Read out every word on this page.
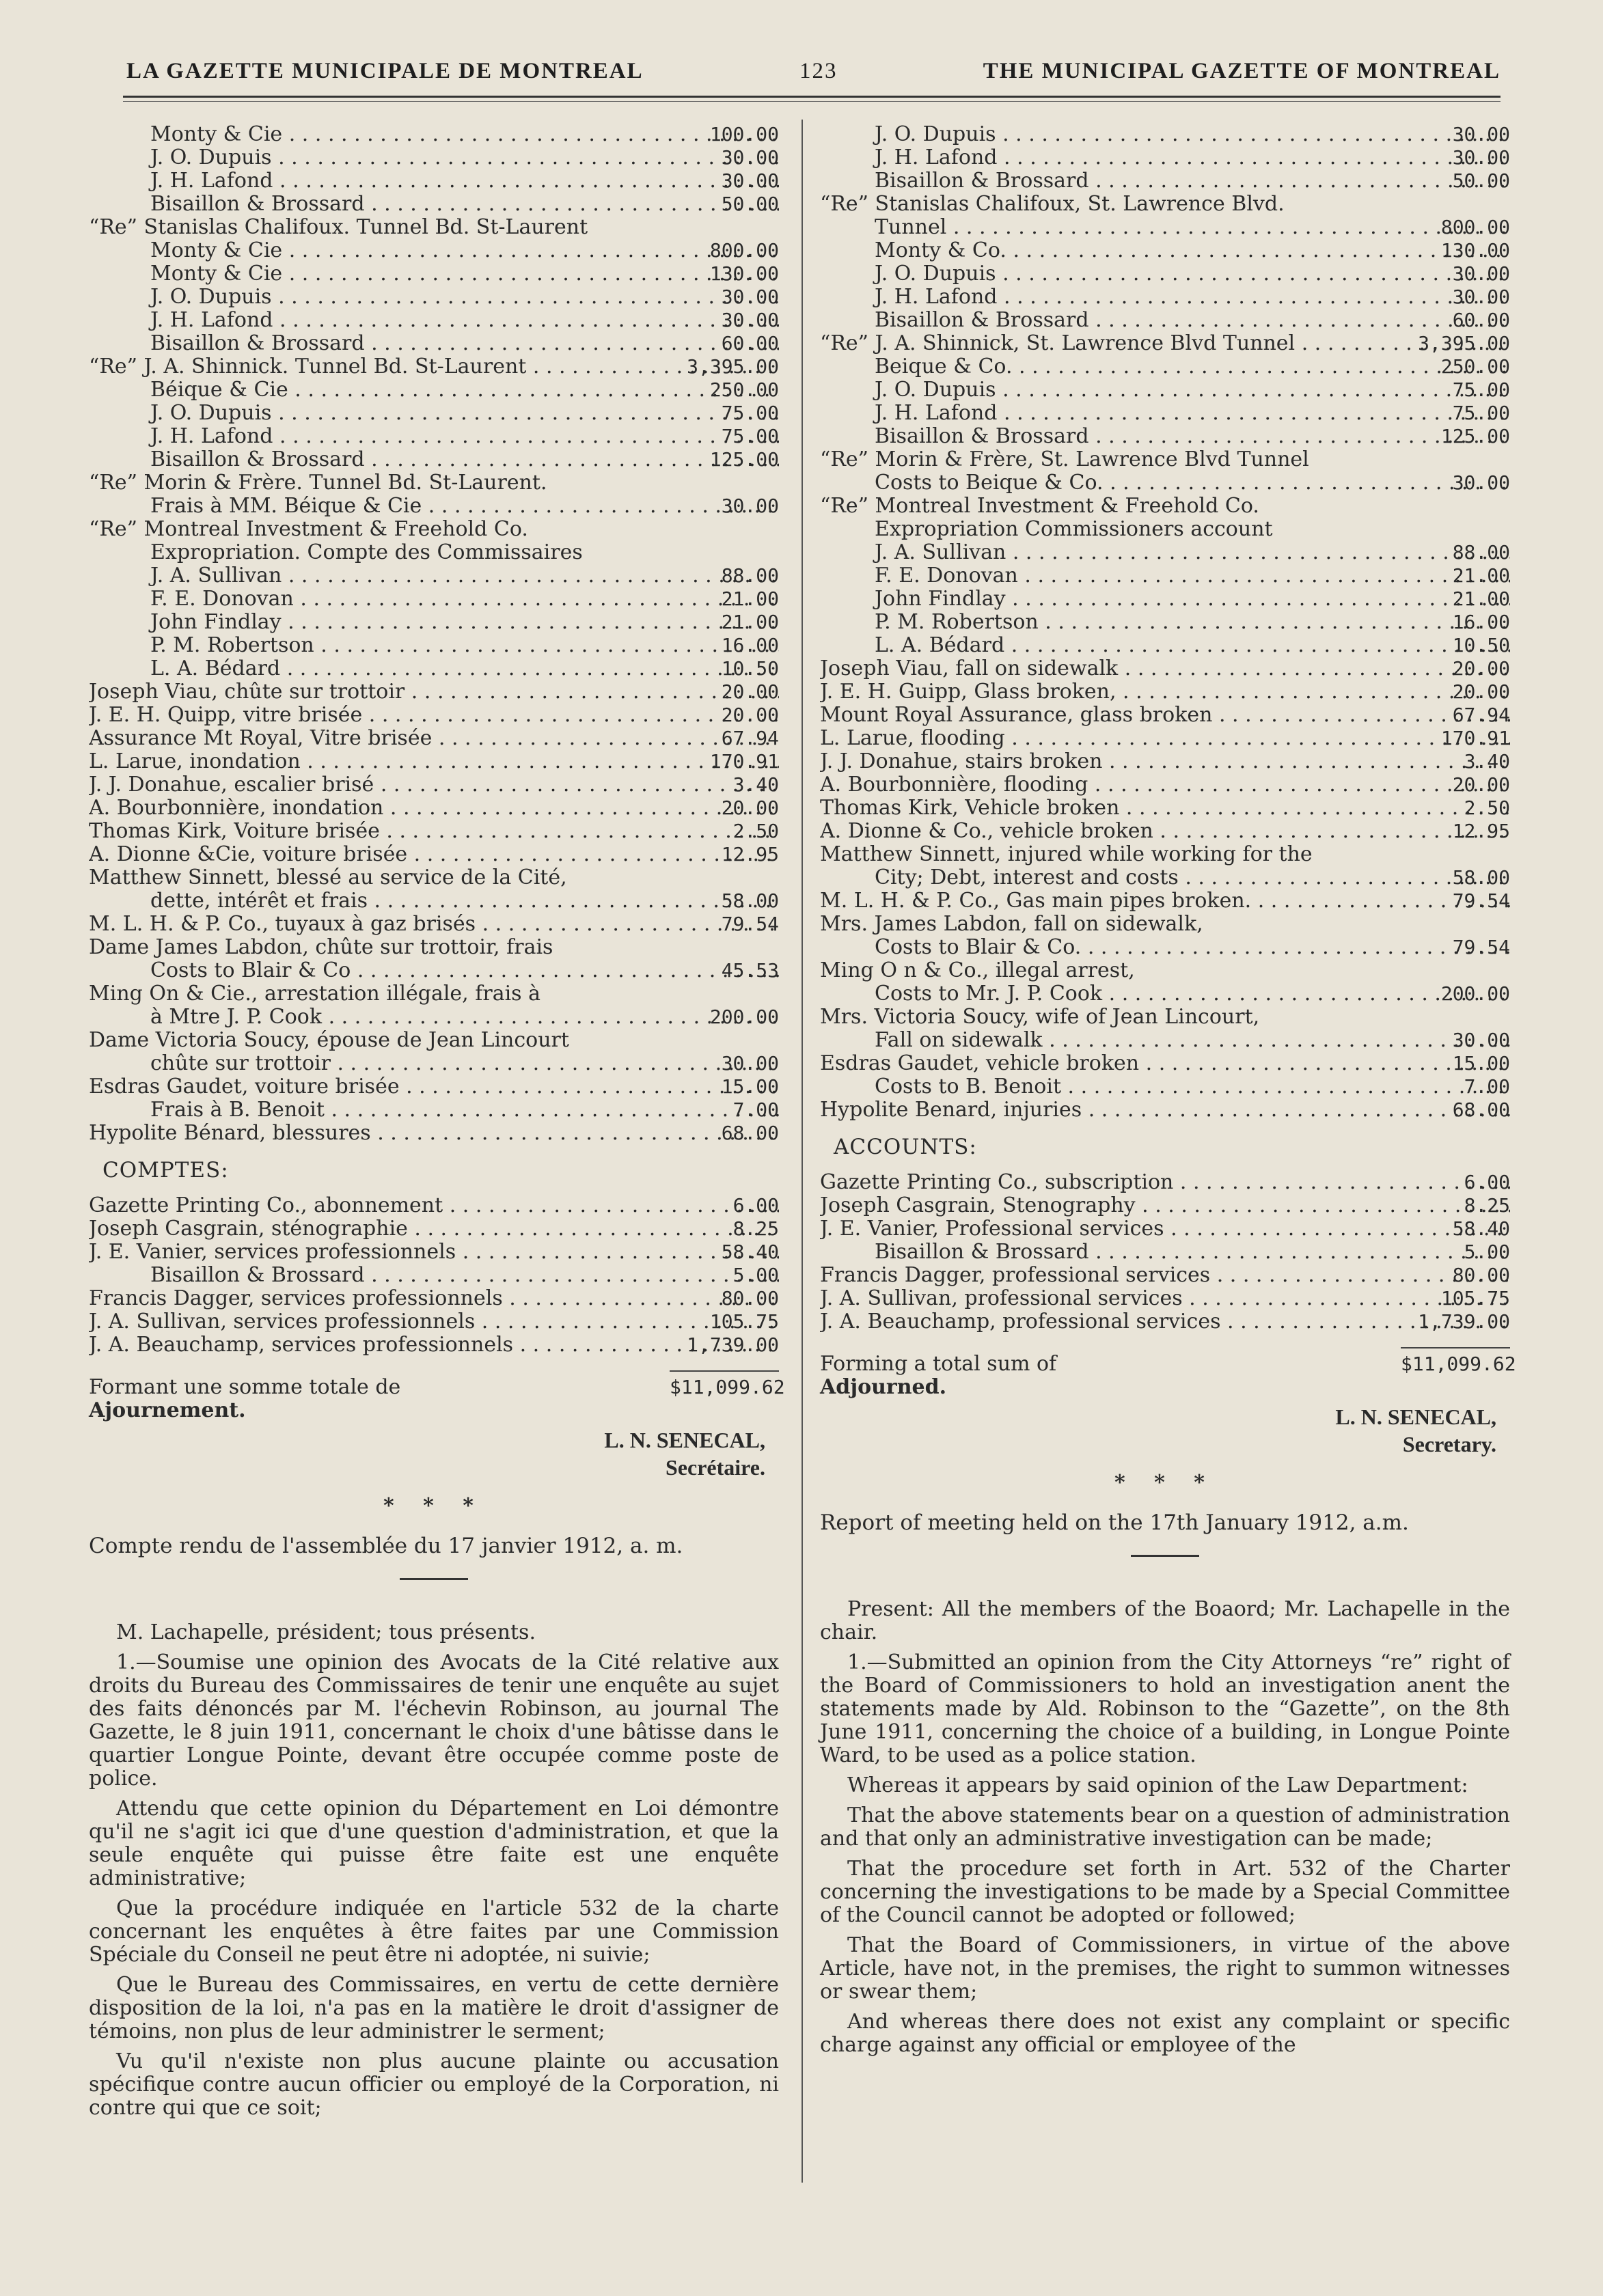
LA GAZETTE MUNICIPALE DE MONTREAL	123	THE MUNICIPAL GAZETTE OF MONTREAL
Monty & Cie . . .	100.00
J. O. Dupuis . . .	30.00
J. H. Lafond . . .	30.00
Bisaillon & Brossard . . .	50.00
“Re” Stanislas Chalifoux. Tunnel Bd. St-Laurent
Monty & Cie . . .	800.00
Monty & Cie . . .	130.00
J. O. Dupuis . . .	30.00
J. H. Lafond . . .	30.00
Bisaillon & Brossard . . .	60.00
“Re” J. A. Shinnick. Tunnel Bd. St-Laurent . . .	3,395.00
Béique & Cie . . .	250.00
J. O. Dupuis . . .	75.00
J. H. Lafond . . .	75.00
Bisaillon & Brossard . . .	125.00
“Re” Morin & Frère. Tunnel Bd. St-Laurent.
Frais à MM. Béique & Cie . . .	30.00
“Re” Montreal Investment & Freehold Co.
Expropriation. Compte des Commissaires
J. A. Sullivan . . .	88.00
F. E. Donovan . . .	21.00
John Findlay . . .	21.00
P. M. Robertson . . .	16.00
L. A. Bédard . . .	10.50
Joseph Viau, chûte sur trottoir . . .	20.00
J. E. H. Quipp, vitre brisée . . .	20.00
Assurance Mt Royal, Vitre brisée . . .	67.94
L. Larue, inondation . . .	170.91
J. J. Donahue, escalier brisé . . .	3.40
A. Bourbonnière, inondation . . .	20.00
Thomas Kirk, Voiture brisée . . .	2.50
A. Dionne &Cie, voiture brisée . . .	12.95
Matthew Sinnett, blessé au service de la Cité,
dette, intérêt et frais . . .	58.00
M. L. H. & P. Co., tuyaux à gaz brisés . . .	79.54
Dame James Labdon, chûte sur trottoir, frais
Costs to Blair & Co . . .	45.53
Ming On & Cie., arrestation illégale, frais à
à Mtre J. P. Cook . . .	200.00
Dame Victoria Soucy, épouse de Jean Lincourt
chûte sur trottoir . . .	30.00
Esdras Gaudet, voiture brisée . . .	15.00
Frais à B. Benoit . . .	7.00
Hypolite Bénard, blessures . . .	68.00
COMPTES:
Gazette Printing Co., abonnement . . .	6.00
Joseph Casgrain, sténographie . . .	8.25
J. E. Vanier, services professionnels . . .	58.40
Bisaillon & Brossard . . .	5.00
Francis Dagger, services professionnels . . .	80.00
J. A. Sullivan, services professionnels . . .	105.75
J. A. Beauchamp, services professionnels . . .	1,739.00
Formant une somme totale de	$11,099.62
Ajournement.
L. N. SENECAL,
Secrétaire.
* * *
Compte rendu de l'assemblée du 17 janvier 1912, a. m.

M. Lachapelle, président; tous présents.

1.—Soumise une opinion des Avocats de la Cité relative aux droits du Bureau des Commissaires de tenir une enquête au sujet des faits dénoncés par M. l'échevin Robinson, au journal The Gazette, le 8 juin 1911, concernant le choix d'une bâtisse dans le quartier Longue Pointe, devant être occupée comme poste de police.

Attendu que cette opinion du Département en Loi démontre qu'il ne s'agit ici que d'une question d'administration, et que la seule enquête qui puisse être faite est une enquête administrative;

Que la procédure indiquée en l'article 532 de la charte concernant les enquêtes à être faites par une Commission Spéciale du Conseil ne peut être ni adoptée, ni suivie;

Que le Bureau des Commissaires, en vertu de cette dernière disposition de la loi, n'a pas en la matière le droit d'assigner de témoins, non plus de leur administrer le serment;

Vu qu'il n'existe non plus aucune plainte ou accusation spécifique contre aucun officier ou employé de la Corporation, ni contre qui que ce soit;

J. O. Dupuis . . .	30.00
J. H. Lafond . . .	30.00
Bisaillon & Brossard . . .	50.00
“Re” Stanislas Chalifoux, St. Lawrence Blvd.
Tunnel . . .	800.00
Monty & Co. . . .	130.00
J. O. Dupuis . . .	30.00
J. H. Lafond . . .	30.00
Bisaillon & Brossard . . .	60.00
“Re” J. A. Shinnick, St. Lawrence Blvd Tunnel . . .	3,395.00
Beique & Co. . . .	250.00
J. O. Dupuis . . .	75.00
J. H. Lafond . . .	75.00
Bisaillon & Brossard . . .	125.00
“Re” Morin & Frère, St. Lawrence Blvd Tunnel
Costs to Beique & Co. . . .	30.00
“Re” Montreal Investment & Freehold Co.
Expropriation Commissioners account
J. A. Sullivan . . .	88.00
F. E. Donovan . . .	21.00
John Findlay . . .	21.00
P. M. Robertson . . .	16.00
L. A. Bédard . . .	10.50
Joseph Viau, fall on sidewalk . . .	20.00
J. E. H. Guipp, Glass broken, . . .	20.00
Mount Royal Assurance, glass broken . . .	67.94
L. Larue, flooding . . .	170.91
J. J. Donahue, stairs broken . . .	3.40
A. Bourbonnière, flooding . . .	20.00
Thomas Kirk, Vehicle broken . . .	2.50
A. Dionne & Co., vehicle broken . . .	12.95
Matthew Sinnett, injured while working for the
City; Debt, interest and costs . . .	58.00
M. L. H. & P. Co., Gas main pipes broken. . . .	79.54
Mrs. James Labdon, fall on sidewalk,
Costs to Blair & Co. . . .	79.54
Ming O n & Co., illegal arrest,
Costs to Mr. J. P. Cook . . .	200.00
Mrs. Victoria Soucy, wife of Jean Lincourt,
Fall on sidewalk . . .	30.00
Esdras Gaudet, vehicle broken . . .	15.00
Costs to B. Benoit . . .	7.00
Hypolite Benard, injuries . . .	68.00
ACCOUNTS:
Gazette Printing Co., subscription . . .	6.00
Joseph Casgrain, Stenography . . .	8.25
J. E. Vanier, Professional services . . .	58.40
Bisaillon & Brossard . . .	5.00
Francis Dagger, professional services . . .	80.00
J. A. Sullivan, professional services . . .	105.75
J. A. Beauchamp, professional services . . .	1,739.00
Forming a total sum of	$11,099.62
Adjourned.
L. N. SENECAL,
Secretary.
* * *
Report of meeting held on the 17th January 1912, a.m.

Present: All the members of the Boaord; Mr. Lachapelle in the chair.

1.—Submitted an opinion from the City Attorneys “re” right of the Board of Commissioners to hold an investigation anent the statements made by Ald. Robinson to the “Gazette”, on the 8th June 1911, concerning the choice of a building, in Longue Pointe Ward, to be used as a police station.

Whereas it appears by said opinion of the Law Department:

That the above statements bear on a question of administration and that only an administrative investigation can be made;

That the procedure set forth in Art. 532 of the Charter concerning the investigations to be made by a Special Committee of the Council cannot be adopted or followed;

That the Board of Commissioners, in virtue of the above Article, have not, in the premises, the right to summon witnesses or swear them;

And whereas there does not exist any complaint or specific charge against any official or employee of the
